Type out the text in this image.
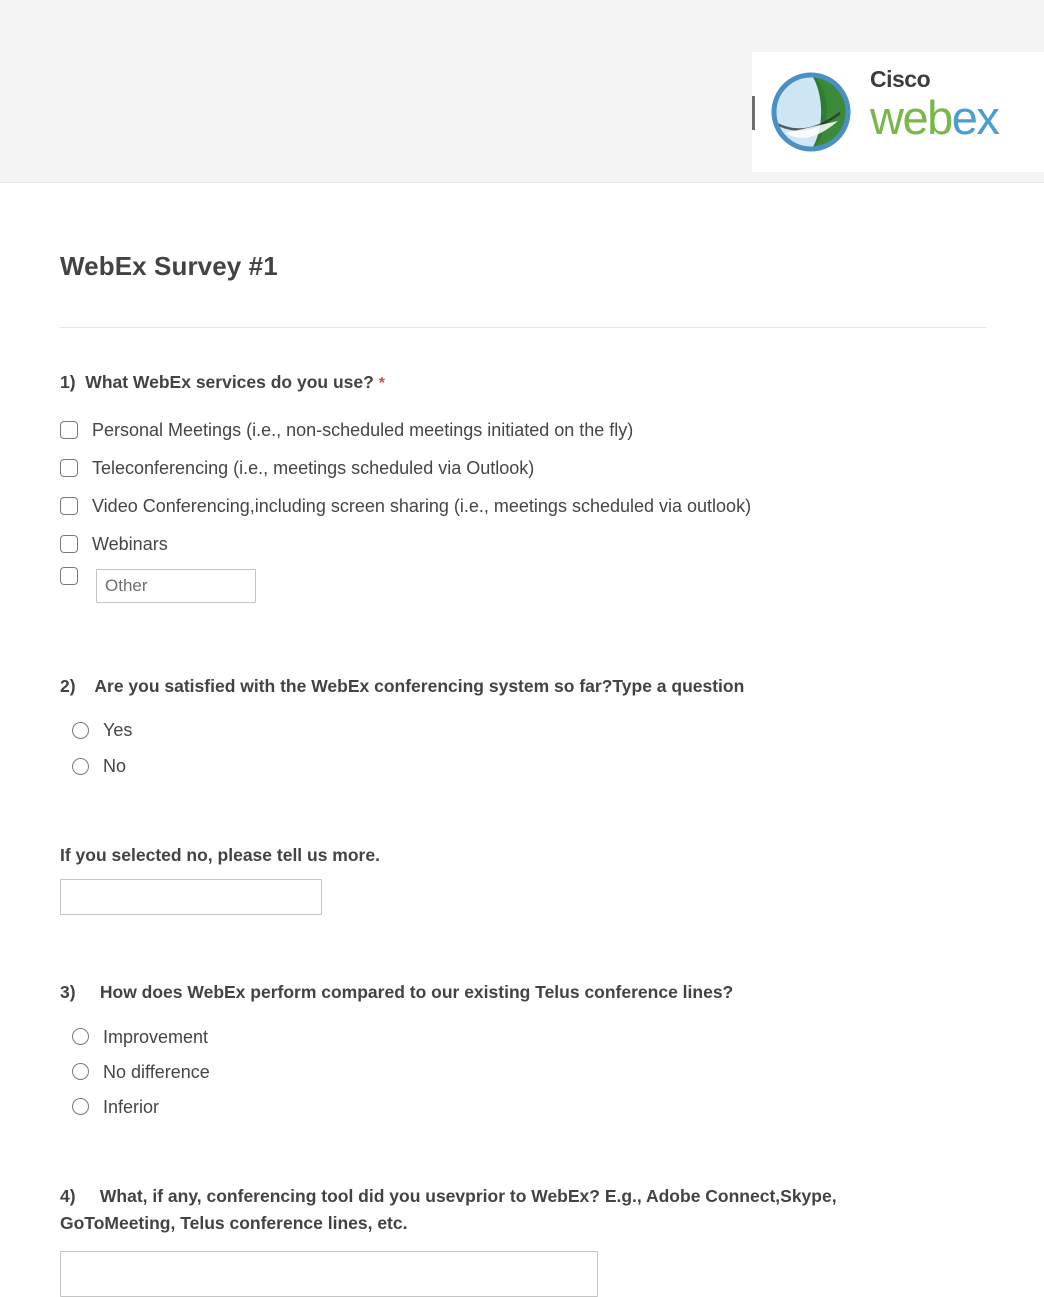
Cisco
webex
WebEx Survey #1
1) What WebEx services do you use? *
Personal Meetings (i.e., non-scheduled meetings initiated on the fly)
Teleconferencing (i.e., meetings scheduled via Outlook)
Video Conferencing,including screen sharing (i.e., meetings scheduled via outlook)
Webinars
Other
2) Are you satisfied with the WebEx conferencing system so far?Type a question
Yes
No
If you selected no, please tell us more.
3) How does WebEx perform compared to our existing Telus conference lines?
Improvement
No difference
Inferior
4) What, if any, conferencing tool did you usevprior to WebEx? E.g., Adobe Connect,Skype, GoToMeeting, Telus conference lines, etc.
